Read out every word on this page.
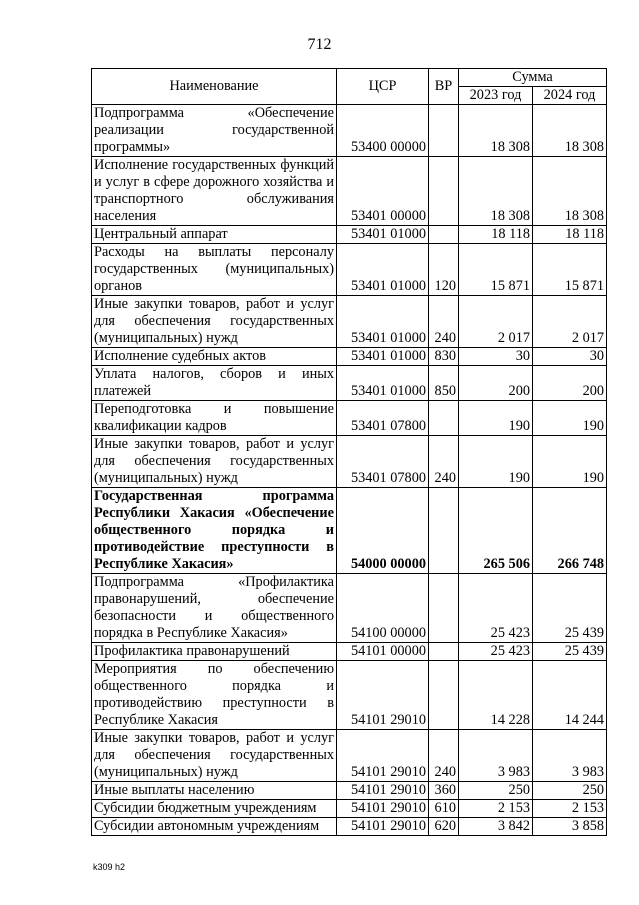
712
Наименование	ЦСР	ВР	Сумма	
			2023 год	2024 год
Подпрограмма «Обеспечение реализации государственной программы»	53400 00000		18 308	18 308
Исполнение государственных функций и услуг в сфере дорожного хозяйства и транспортного обслуживания населения	53401 00000		18 308	18 308
Центральный аппарат	53401 01000		18 118	18 118
Расходы на выплаты персоналу государственных (муниципальных) органов	53401 01000	120	15 871	15 871
Иные закупки товаров, работ и услуг для обеспечения государственных (муниципальных) нужд	53401 01000	240	2 017	2 017
Исполнение судебных актов	53401 01000	830	30	30
Уплата налогов, сборов и иных платежей	53401 01000	850	200	200
Переподготовка и повышение квалификации кадров	53401 07800		190	190
Иные закупки товаров, работ и услуг для обеспечения государственных (муниципальных) нужд	53401 07800	240	190	190
Государственная программа Республики Хакасия «Обеспечение общественного порядка и противодействие преступности в Республике Хакасия»	54000 00000		265 506	266 748
Подпрограмма «Профилактика правонарушений, обеспечение безопасности и общественного порядка в Республике Хакасия»	54100 00000		25 423	25 439
Профилактика правонарушений	54101 00000		25 423	25 439
Мероприятия по обеспечению общественного порядка и противодействию преступности в Республике Хакасия	54101 29010		14 228	14 244
Иные закупки товаров, работ и услуг для обеспечения государственных (муниципальных) нужд	54101 29010	240	3 983	3 983
Иные выплаты населению	54101 29010	360	250	250
Субсидии бюджетным учреждениям	54101 29010	610	2 153	2 153
Субсидии автономным учреждениям	54101 29010	620	3 842	3 858
k309 h2
